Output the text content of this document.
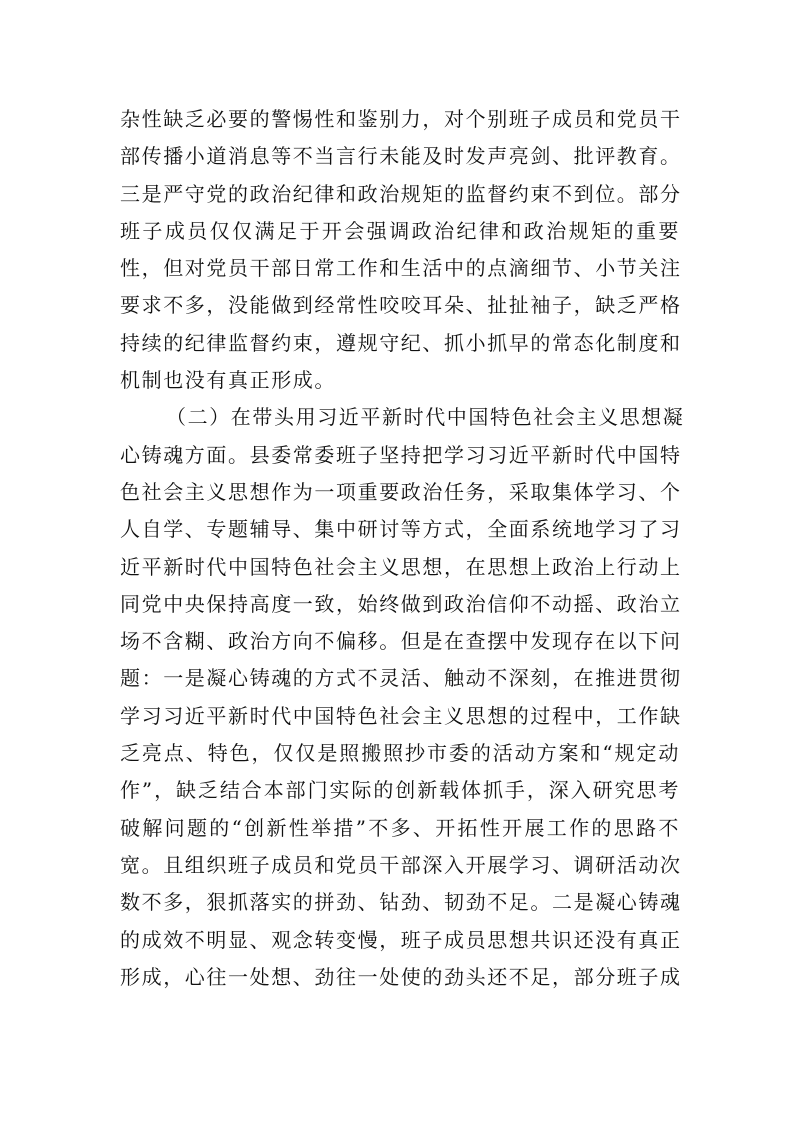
杂性缺乏必要的警惕性和鉴别力，对个别班子成员和党员干
部传播小道消息等不当言行未能及时发声亮剑、批评教育。
三是严守党的政治纪律和政治规矩的监督约束不到位。部分
班子成员仅仅满足于开会强调政治纪律和政治规矩的重要
性，但对党员干部日常工作和生活中的点滴细节、小节关注
要求不多，没能做到经常性咬咬耳朵、扯扯袖子，缺乏严格
持续的纪律监督约束，遵规守纪、抓小抓早的常态化制度和
机制也没有真正形成。
（二）在带头用习近平新时代中国特色社会主义思想凝
心铸魂方面。县委常委班子坚持把学习习近平新时代中国特
色社会主义思想作为一项重要政治任务，采取集体学习、个
人自学、专题辅导、集中研讨等方式，全面系统地学习了习
近平新时代中国特色社会主义思想，在思想上政治上行动上
同党中央保持高度一致，始终做到政治信仰不动摇、政治立
场不含糊、政治方向不偏移。但是在查摆中发现存在以下问
题：一是凝心铸魂的方式不灵活、触动不深刻，在推进贯彻
学习习近平新时代中国特色社会主义思想的过程中，工作缺
乏亮点、特色，仅仅是照搬照抄市委的活动方案和“规定动
作”，缺乏结合本部门实际的创新载体抓手，深入研究思考
破解问题的“创新性举措”不多、开拓性开展工作的思路不
宽。且组织班子成员和党员干部深入开展学习、调研活动次
数不多，狠抓落实的拼劲、钻劲、韧劲不足。二是凝心铸魂
的成效不明显、观念转变慢，班子成员思想共识还没有真正
形成，心往一处想、劲往一处使的劲头还不足，部分班子成
